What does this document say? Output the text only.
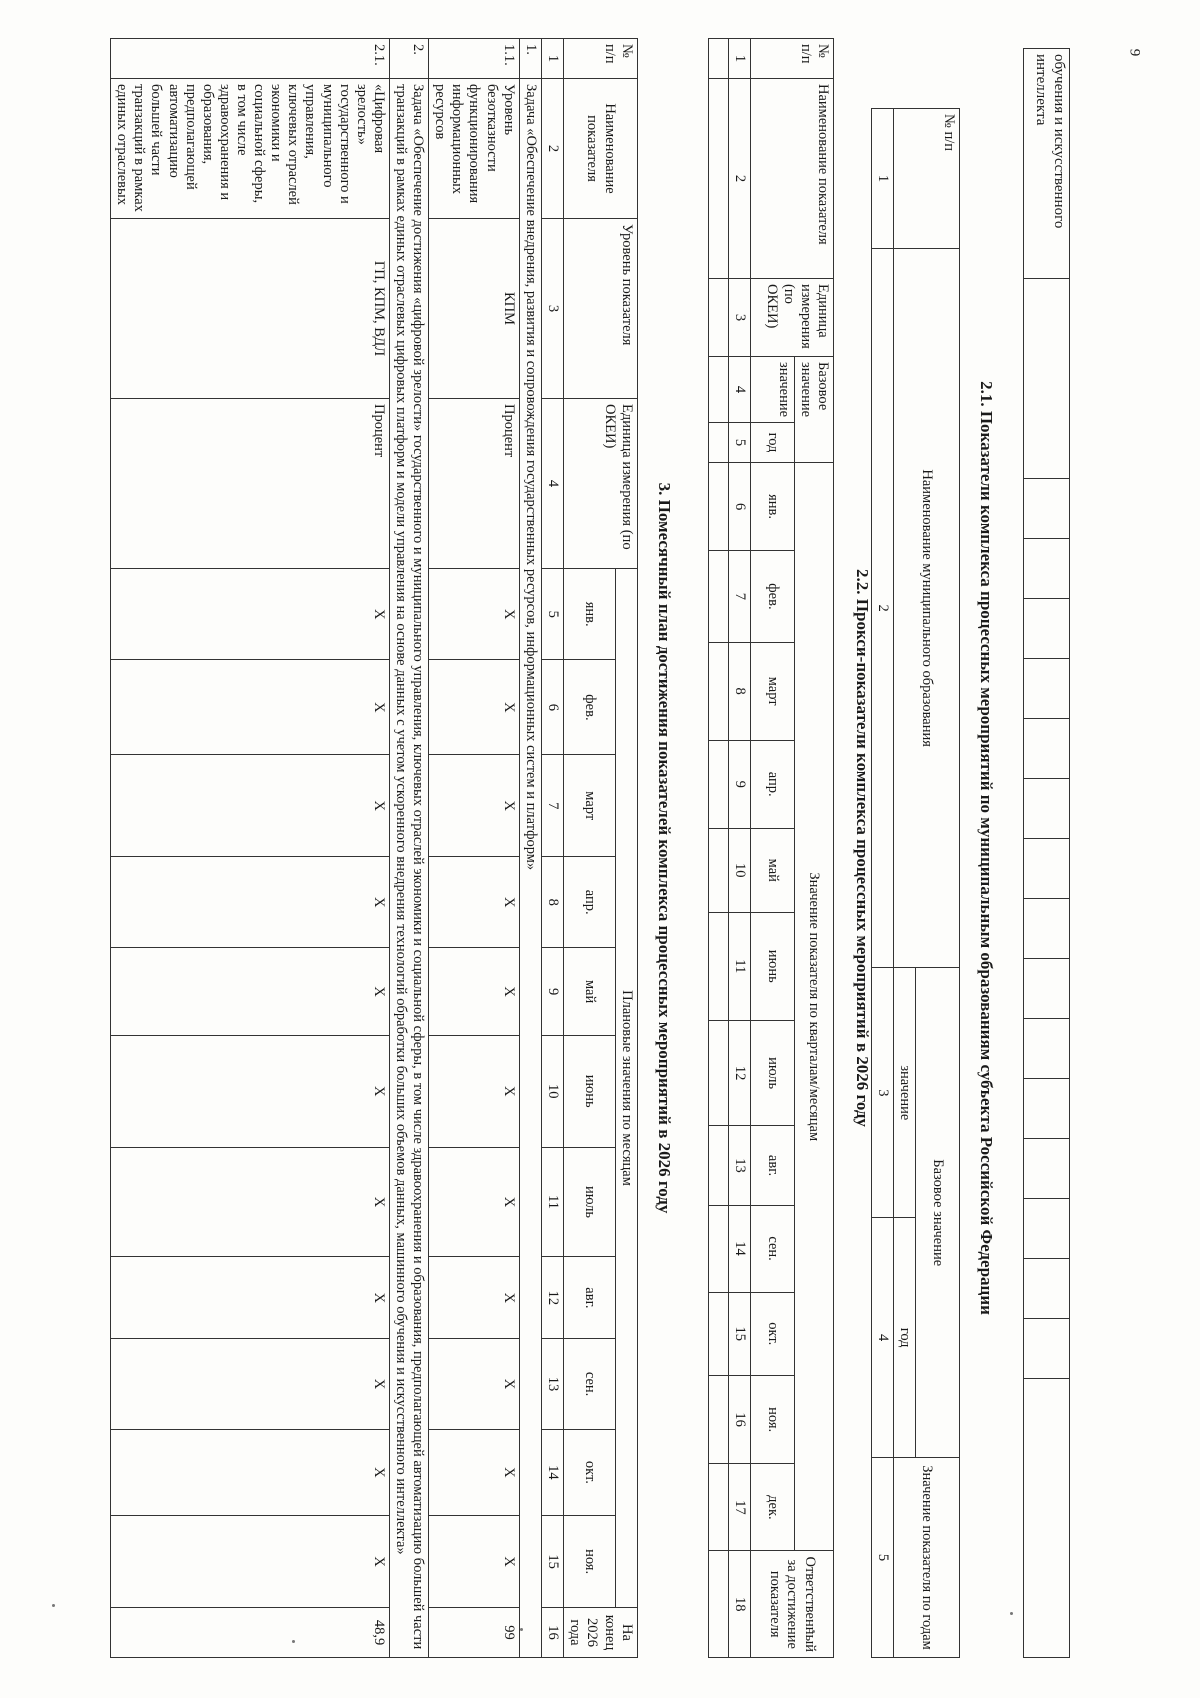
9
обучения и искусственного интеллекта																	
2.1. Показатели комплекса процессных мероприятий по муниципальным образованиям субъекта Российской Федерации
№ п/п	Наименование муниципального образования	Базовое значение		Значение показателя по годам
		значение	год	

1	2	3	4	5
2.2. Прокси-показатели комплекса процессных мероприятий в 2026 году
№ п/п	Наименование показателя	Единица измерения (по ОКЕИ)	Базовое значение		Значение показателя по кварталам/месяцам												Ответственный за достижение показателя
			значение	год	янв.	фев.	март	апр.	май	июнь	июль	авг.	сен.	окт.	ноя.	дек.	
1	2	3	4	5	6	7	8	9	10	11	12	13	14	15	16	17	18

3. Помесячный план достижения показателей комплекса процессных мероприятий в 2026 году
№ п/п	Наименование показателя	Уровень показателя	Единица измерения (по ОКЕИ)	Плановые значения по месяцам											На конец 2026 года
				янв.	фев.	март	апр.	май	июнь	июль	авг.	сен.	окт.	ноя.	
1	2	3	4	5	6	7	8	9	10	11	12	13	14	15	16
1.	Задача «Обеспечение внедрения, развития и сопровождения государственных ресурсов, информационных систем и платформ»														
1.1.	Уровень безотказности функционирования информационных ресурсов	КПМ	Процент	X	X	X	X	X	X	X	X	X	X	X	99
2.	Задача «Обеспечение достижения «цифровой зрелости» государственного и муниципального управления, ключевых отраслей экономики и социальной сферы, в том числе здравоохранения и образования, предполагающей автоматизацию большей части транзакций в рамках единых отраслевых цифровых платформ и модели управления на основе данных с учетом ускоренного внедрения технологий обработки больших объемов данных, машинного обучения и искусственного интеллекта»														
2.1.	«Цифровая зрелость» государственного и муниципального управления, ключевых отраслей экономики и социальной сферы, в том числе здравоохранения и образования, предполагающей автоматизацию большей части транзакций в рамках единых отраслевых	ГП, КПМ, ВДЛ	Процент	X	X	X	X	X	X	X	X	X	X	X	48,9
